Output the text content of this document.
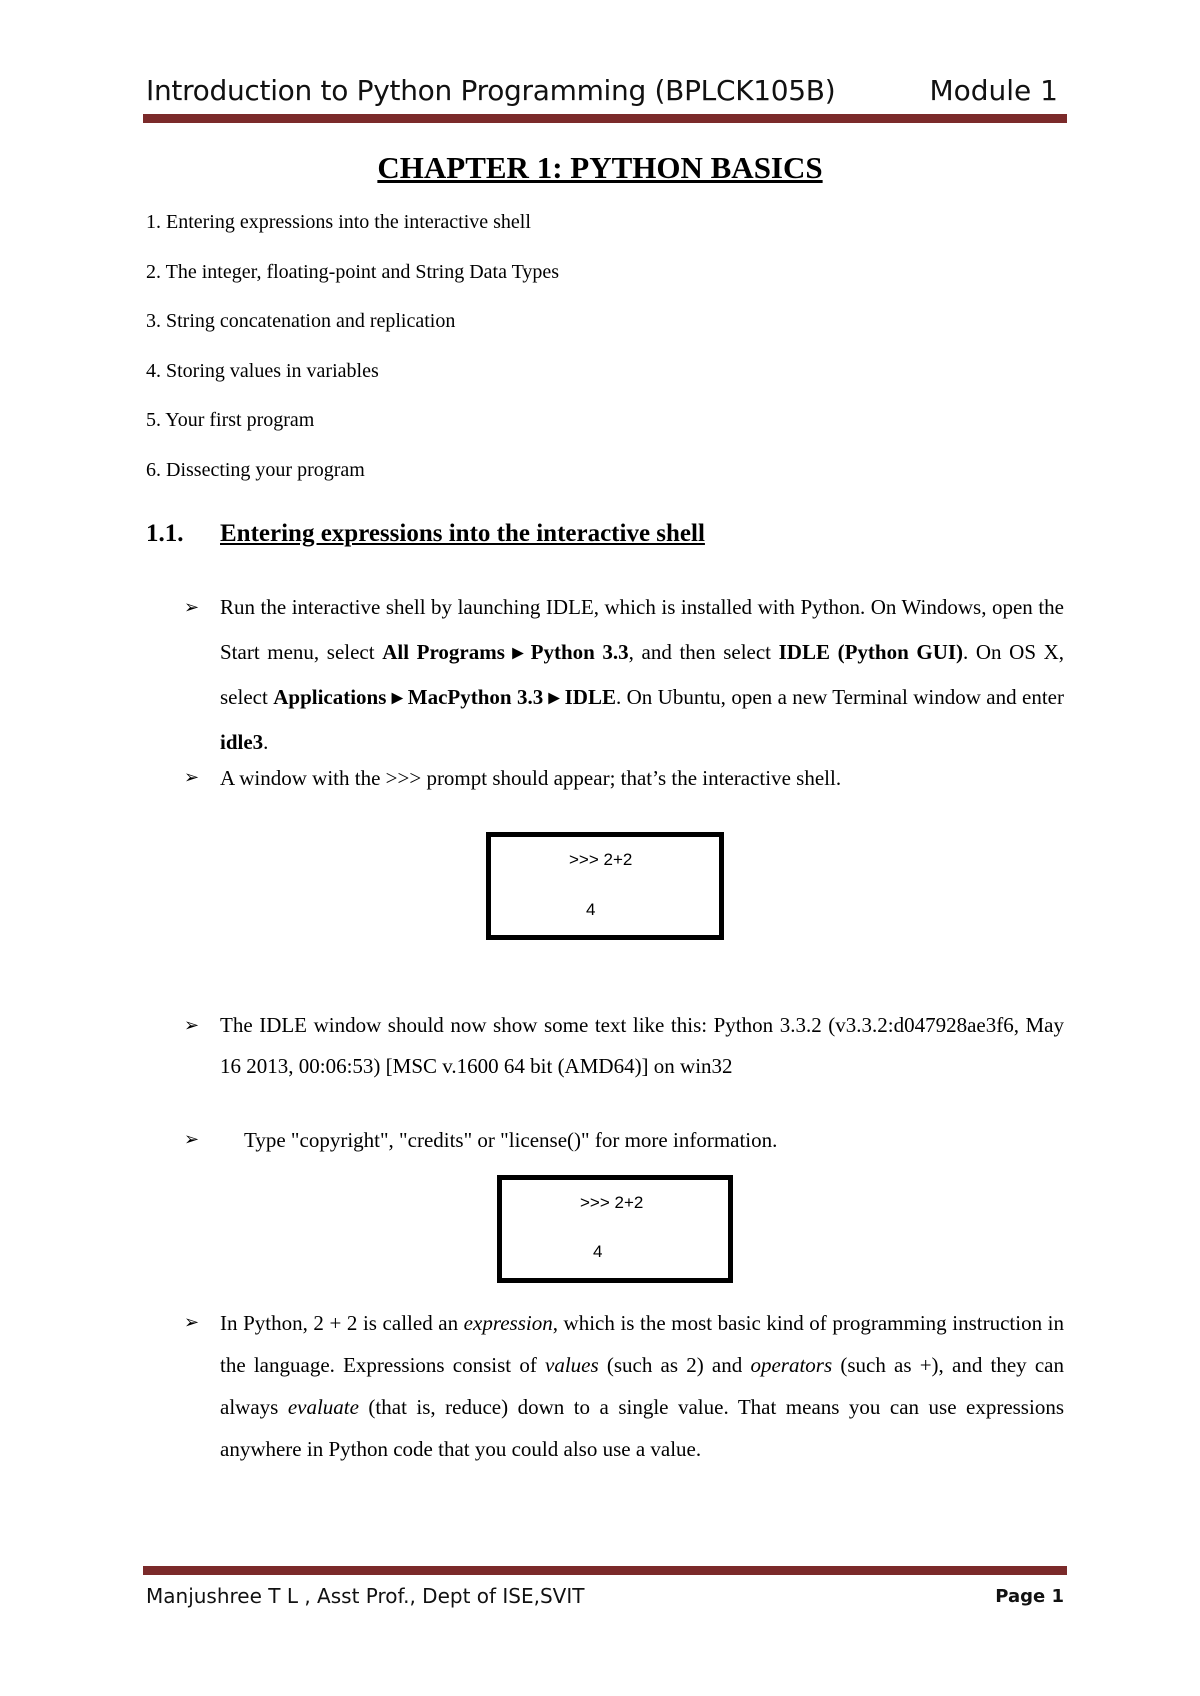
Introduction to Python Programming (BPLCK105B)	Module 1
CHAPTER 1: PYTHON BASICS
1. Entering expressions into the interactive shell
2. The integer, floating-point and String Data Types
3. String concatenation and replication
4. Storing values in variables
5. Your first program
6. Dissecting your program
1.1. Entering expressions into the interactive shell
➢ Run the interactive shell by launching IDLE, which is installed with Python. On Windows, open the Start menu, select All Programs ▸ Python 3.3, and then select IDLE (Python GUI). On OS X, select Applications ▸ MacPython 3.3 ▸ IDLE. On Ubuntu, open a new Terminal window and enter idle3.
➢ A window with the >>> prompt should appear; that’s the interactive shell.
>>> 2+2
4
➢ The IDLE window should now show some text like this: Python 3.3.2 (v3.3.2:d047928ae3f6, May 16 2013, 00:06:53) [MSC v.1600 64 bit (AMD64)] on win32
➢	Type "copyright", "credits" or "license()" for more information.
>>> 2+2
4
➢ In Python, 2 + 2 is called an expression, which is the most basic kind of programming instruction in the language. Expressions consist of values (such as 2) and operators (such as +), and they can always evaluate (that is, reduce) down to a single value. That means you can use expressions anywhere in Python code that you could also use a value.
Manjushree T L , Asst Prof., Dept of ISE,SVIT	Page 1
